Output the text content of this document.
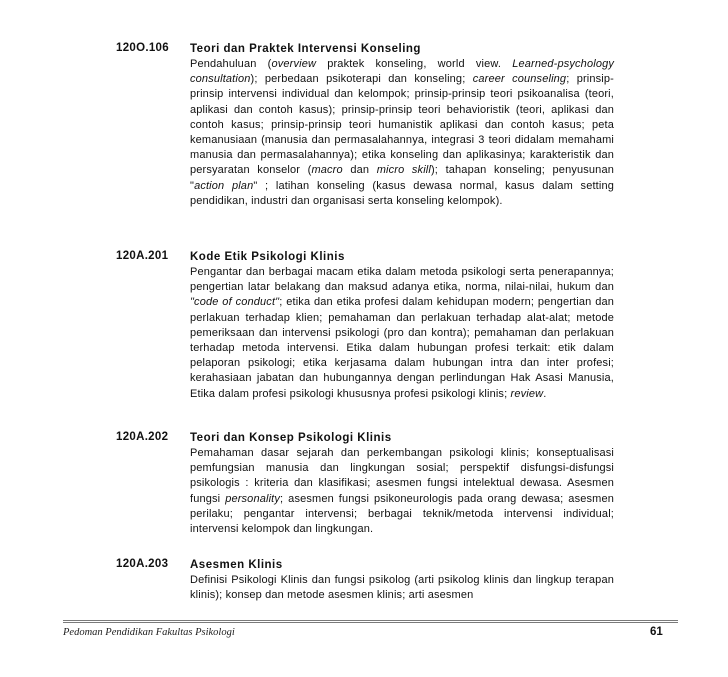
120O.106 Teori dan Praktek Intervensi Konseling
Pendahuluan (overview praktek konseling, world view. Learned-psychology consultation); perbedaan psikoterapi dan konseling; career counseling; prinsip-prinsip intervensi individual dan kelompok; prinsip-prinsip teori psikoanalisa (teori, aplikasi dan contoh kasus); prinsip-prinsip teori behavioristik (teori, aplikasi dan contoh kasus; prinsip-prinsip teori humanistik aplikasi dan contoh kasus; peta kemanusiaan (manusia dan permasalahannya, integrasi 3 teori didalam memahami manusia dan permasalahannya); etika konseling dan aplikasinya; karakteristik dan persyaratan konselor (macro dan micro skill); tahapan konseling; penyusunan "action plan" ; latihan konseling (kasus dewasa normal, kasus dalam setting pendidikan, industri dan organisasi serta konseling kelompok).
120A.201 Kode Etik Psikologi Klinis
Pengantar dan berbagai macam etika dalam metoda psikologi serta penerapannya; pengertian latar belakang dan maksud adanya etika, norma, nilai-nilai, hukum dan "code of conduct"; etika dan etika profesi dalam kehidupan modern; pengertian dan perlakuan terhadap klien; pemahaman dan perlakuan terhadap alat-alat; metode pemeriksaan dan intervensi psikologi (pro dan kontra); pemahaman dan perlakuan terhadap metoda intervensi. Etika dalam hubungan profesi terkait: etik dalam pelaporan psikologi; etika kerjasama dalam hubungan intra dan inter profesi; kerahasiaan jabatan dan hubungannya dengan perlindungan Hak Asasi Manusia, Etika dalam profesi psikologi khususnya profesi psikologi klinis; review.
120A.202 Teori dan Konsep Psikologi Klinis
Pemahaman dasar sejarah dan perkembangan psikologi klinis; konseptualisasi pemfungsian manusia dan lingkungan sosial; perspektif disfungsi-disfungsi psikologis : kriteria dan klasifikasi; asesmen fungsi intelektual dewasa. Asesmen fungsi personality; asesmen fungsi psikoneurologis pada orang dewasa; asesmen perilaku; pengantar intervensi; berbagai teknik/metoda intervensi individual; intervensi kelompok dan lingkungan.
120A.203 Asesmen Klinis
Definisi Psikologi Klinis dan fungsi psikolog (arti psikolog klinis dan lingkup terapan klinis); konsep dan metode asesmen klinis; arti asesmen
Pedoman Pendidikan Fakultas Psikologi	61
